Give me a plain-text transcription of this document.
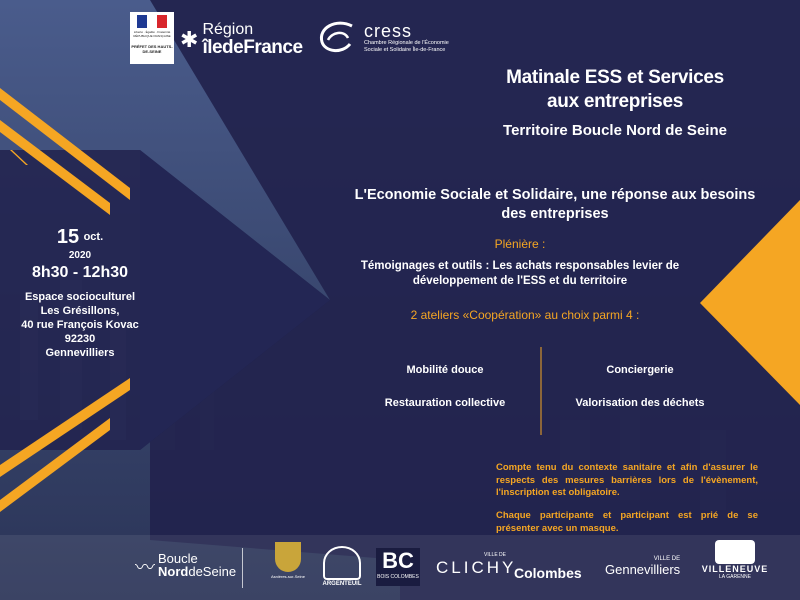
Liberté · Égalité · Fraternité
RÉPUBLIQUE FRANÇAISE
PRÉFET DES HAUTS-DE-SEINE ✱ Région
îledeFrance
cress
Chambre Régionale de l'Économie Sociale et Solidaire Île-de-France
Matinale ESS et Services
aux entreprises
Territoire Boucle Nord de Seine
L'Economie Sociale et Solidaire, une réponse aux besoins
des entreprises
Plénière :
Témoignages et outils : Les achats responsables levier de
développement de l'ESS et du territoire
2 ateliers «Coopération» au choix parmi 4 :
Mobilité douce	Conciergerie
Restauration collective	Valorisation des déchets
Compte tenu du contexte sanitaire et afin d'assurer le respects des mesures barrières lors de l'évènement, l'inscription est obligatoire.
Chaque participante et participant est prié de se présenter avec un masque.
15 $^{oct.}$
2020
8h30 - 12h30
Espace socioculturel
Les Grésillons,
40 rue François Kovac
92230
Gennevilliers
〰 Boucle
NorddeSeine	Asnières-sur-Seine
ARGENTEUIL
BC
BOIS COLOMBES
VILLE DE
CLICHY
Colombes
VILLE DE
Gennevilliers	VILLENEUVE
LA GARENNE
